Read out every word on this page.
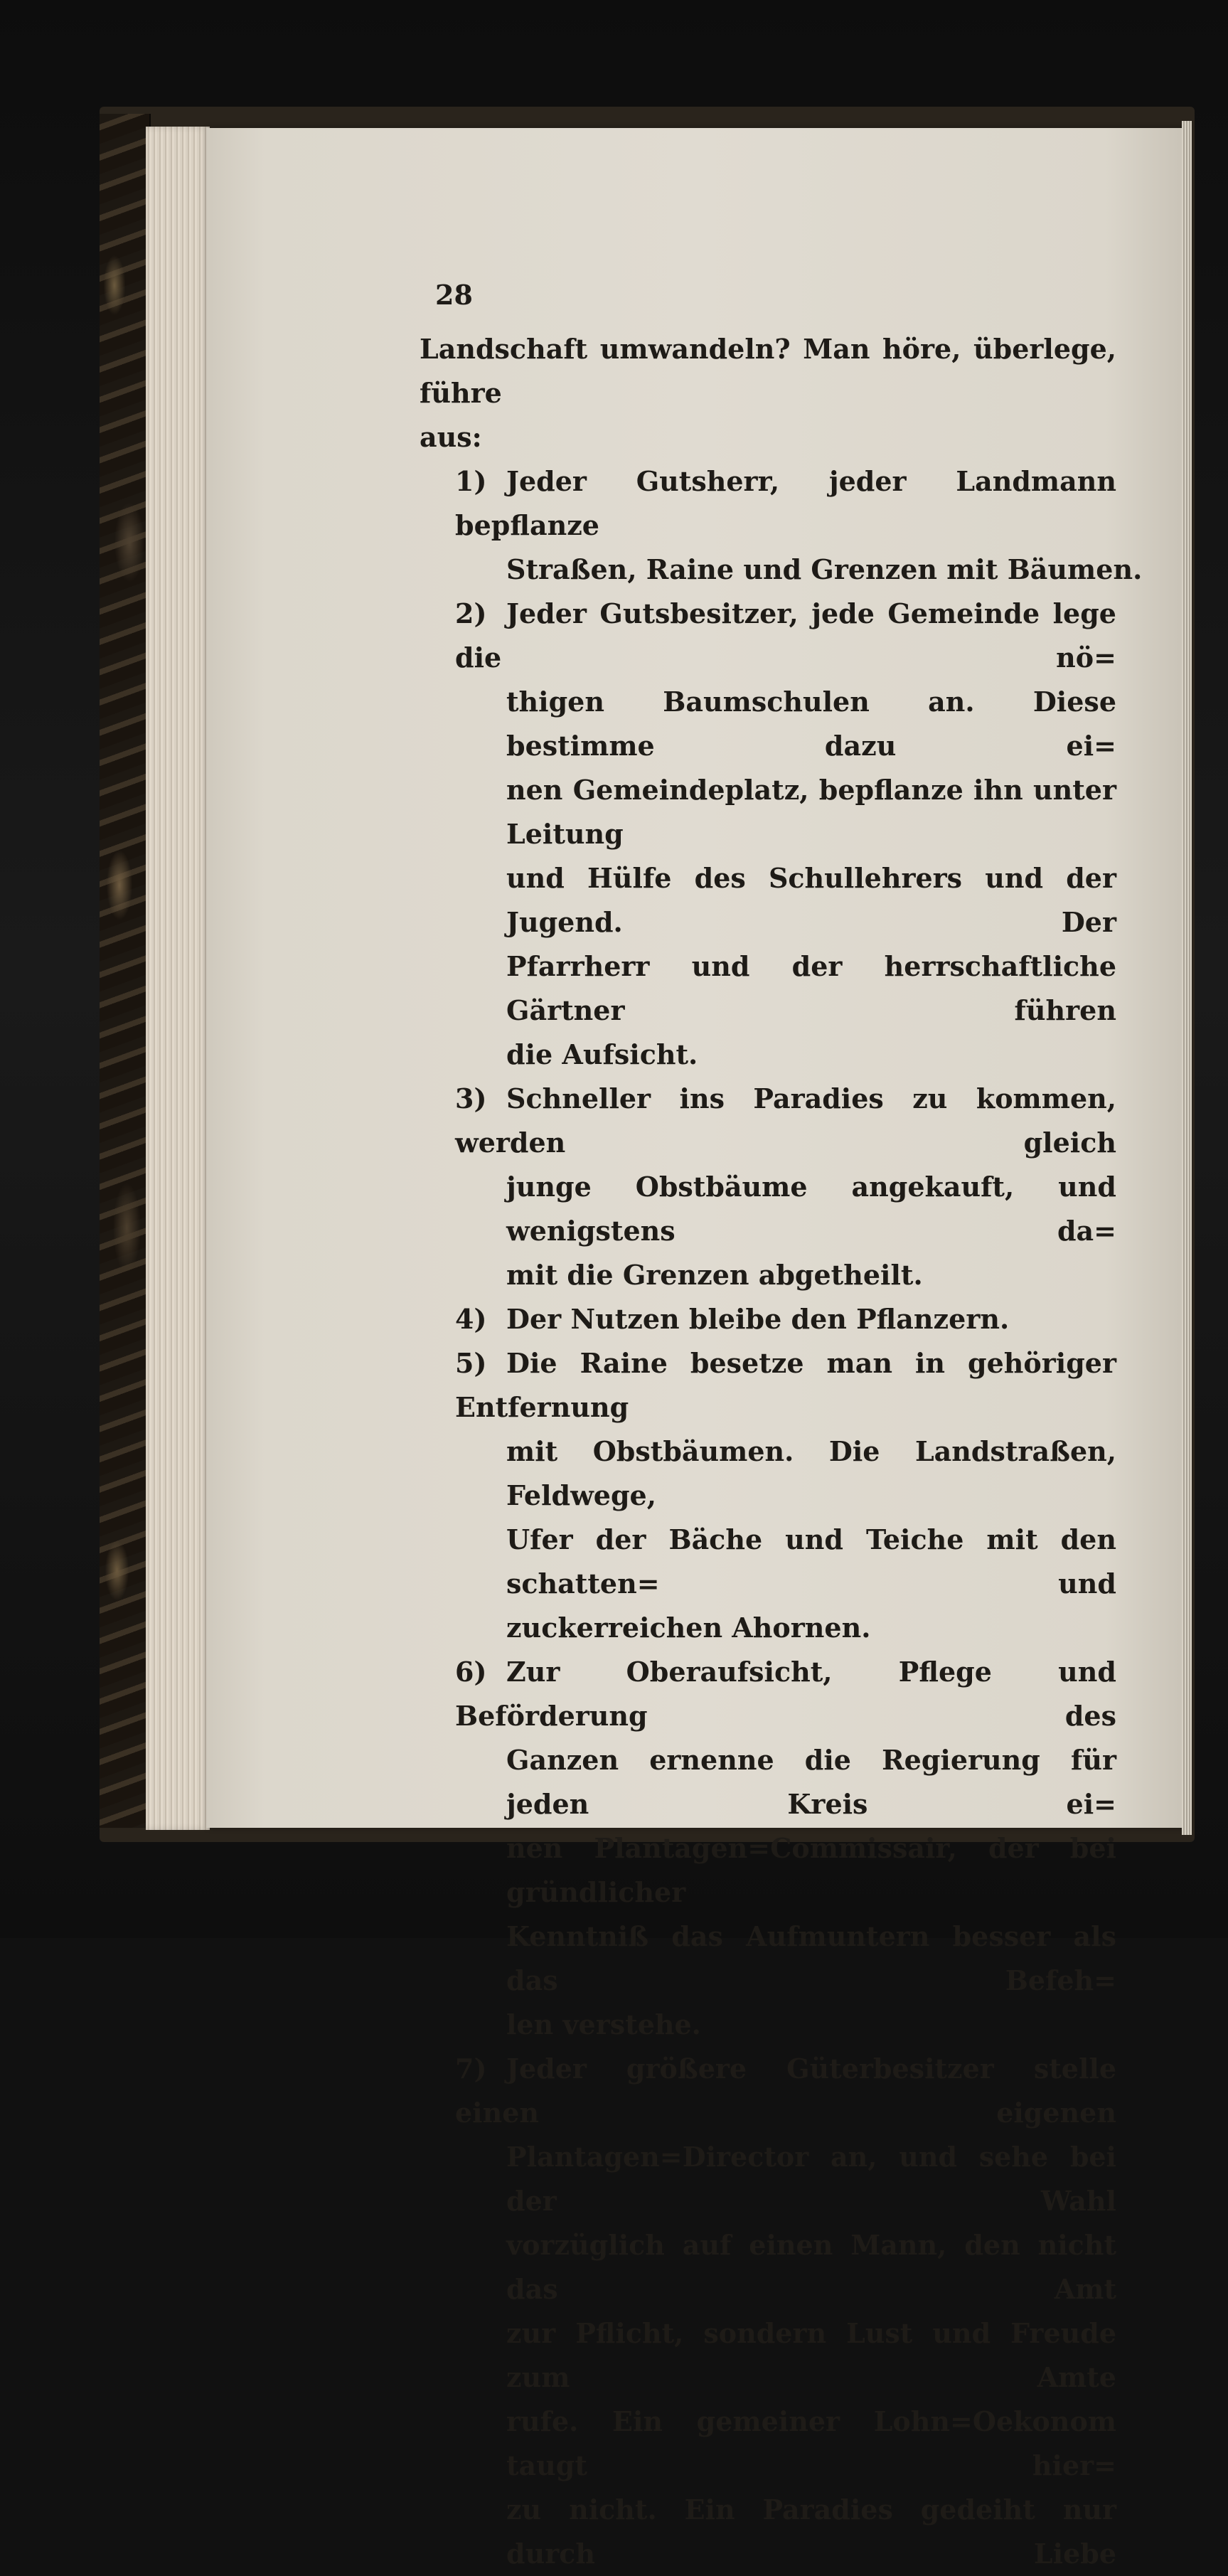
28
Landschaft umwandeln? Man höre, überlege, führe
aus:
1) Jeder Gutsherr, jeder Landmann bepflanze
Straßen, Raine und Grenzen mit Bäumen.
2) Jeder Gutsbesitzer, jede Gemeinde lege die nö=
thigen Baumschulen an. Diese bestimme dazu ei=
nen Gemeindeplatz, bepflanze ihn unter Leitung
und Hülfe des Schullehrers und der Jugend. Der
Pfarrherr und der herrschaftliche Gärtner führen
die Aufsicht.
3) Schneller ins Paradies zu kommen, werden gleich
junge Obstbäume angekauft, und wenigstens da=
mit die Grenzen abgetheilt.
4) Der Nutzen bleibe den Pflanzern.
5) Die Raine besetze man in gehöriger Entfernung
mit Obstbäumen. Die Landstraßen, Feldwege,
Ufer der Bäche und Teiche mit den schatten= und
zuckerreichen Ahornen.
6) Zur Oberaufsicht, Pflege und Beförderung des
Ganzen ernenne die Regierung für jeden Kreis ei=
nen Plantagen=Commissair, der bei gründlicher
Kenntniß das Aufmuntern besser als das Befeh=
len verstehe.
7) Jeder größere Güterbesitzer stelle einen eigenen
Plantagen=Director an, und sehe bei der Wahl
vorzüglich auf einen Mann, den nicht das Amt
zur Pflicht, sondern Lust und Freude zum Amte
rufe. Ein gemeiner Lohn=Oekonom taugt hier=
zu nicht. Ein Paradies gedeiht nur durch Liebe
